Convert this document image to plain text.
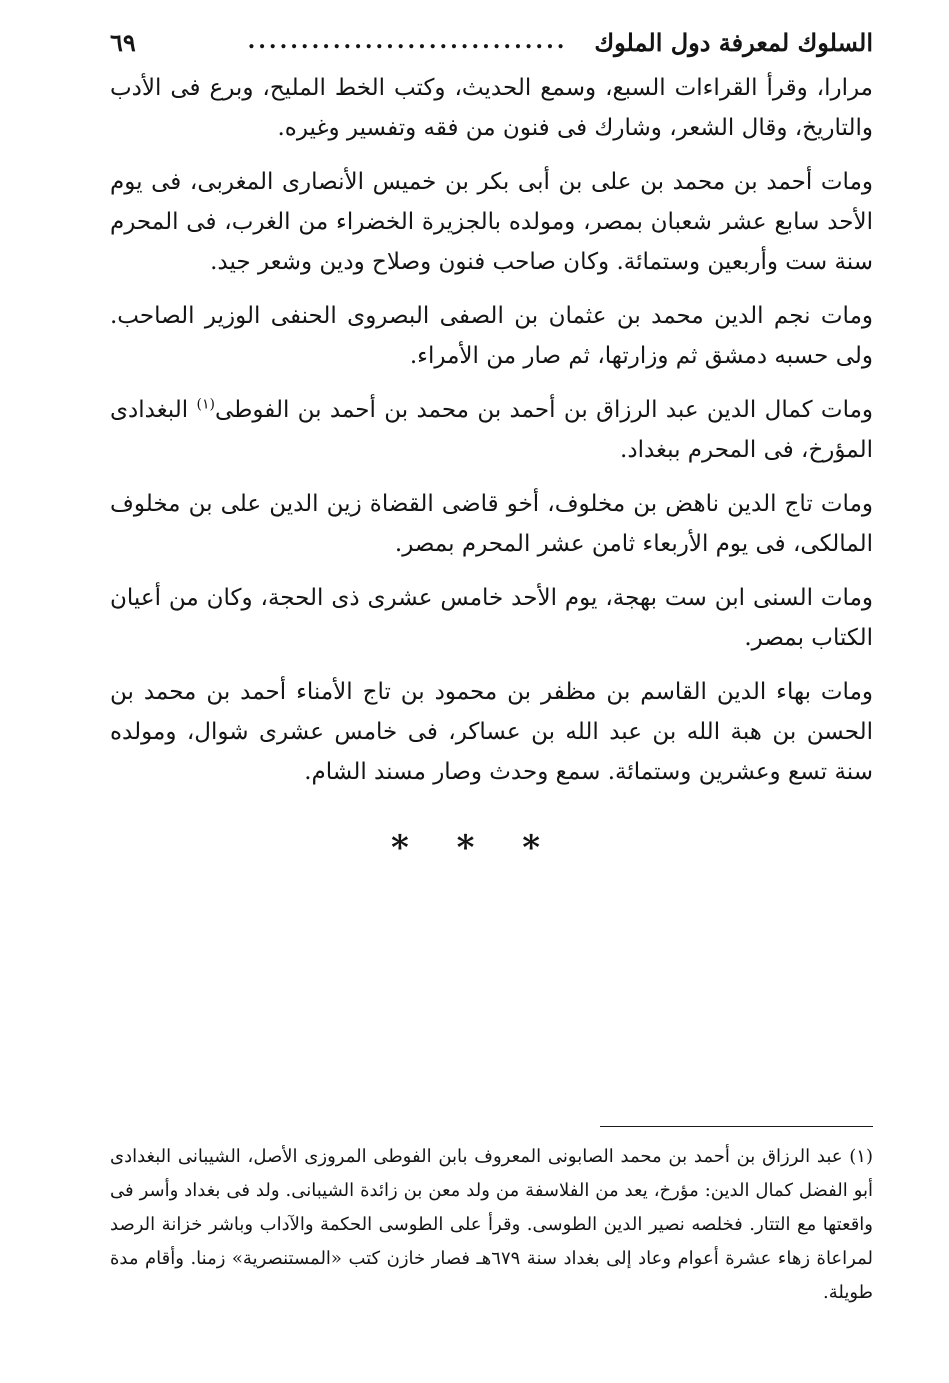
السلوك لمعرفة دول الملوك
..............................
٦٩

مرارا، وقرأ القراءات السبع، وسمع الحديث، وكتب الخط المليح، وبرع فى الأدب والتاريخ، وقال الشعر، وشارك فى فنون من فقه وتفسير وغيره.

ومات أحمد بن محمد بن على بن أبى بكر بن خميس الأنصارى المغربى، فى يوم الأحد سابع عشر شعبان بمصر، ومولده بالجزيرة الخضراء من الغرب، فى المحرم سنة ست وأربعين وستمائة. وكان صاحب فنون وصلاح ودين وشعر جيد.

ومات نجم الدين محمد بن عثمان بن الصفى البصروى الحنفى الوزير الصاحب. ولى حسبه دمشق ثم وزارتها، ثم صار من الأمراء.

ومات كمال الدين عبد الرزاق بن أحمد بن محمد بن أحمد بن الفوطى$^{(١)}$ البغدادى المؤرخ، فى المحرم ببغداد.

ومات تاج الدين ناهض بن مخلوف، أخو قاضى القضاة زين الدين على بن مخلوف المالكى، فى يوم الأربعاء ثامن عشر المحرم بمصر.

ومات السنى ابن ست بهجة، يوم الأحد خامس عشرى ذى الحجة، وكان من أعيان الكتاب بمصر.

ومات بهاء الدين القاسم بن مظفر بن محمود بن تاج الأمناء أحمد بن محمد بن الحسن بن هبة الله بن عبد الله بن عساكر، فى خامس عشرى شوال، ومولده سنة تسع وعشرين وستمائة. سمع وحدث وصار مسند الشام.

* * *

(١) عبد الرزاق بن أحمد بن محمد الصابونى المعروف بابن الفوطى المروزى الأصل، الشيبانى البغدادى أبو الفضل كمال الدين: مؤرخ، يعد من الفلاسفة من ولد معن بن زائدة الشيبانى. ولد فى بغداد وأسر فى واقعتها مع التتار. فخلصه نصير الدين الطوسى. وقرأ على الطوسى الحكمة والآداب وباشر خزانة الرصد لمراعاة زهاء عشرة أعوام وعاد إلى بغداد سنة ٦٧٩هـ فصار خازن كتب «المستنصرية» زمنا. وأقام مدة طويلة.
